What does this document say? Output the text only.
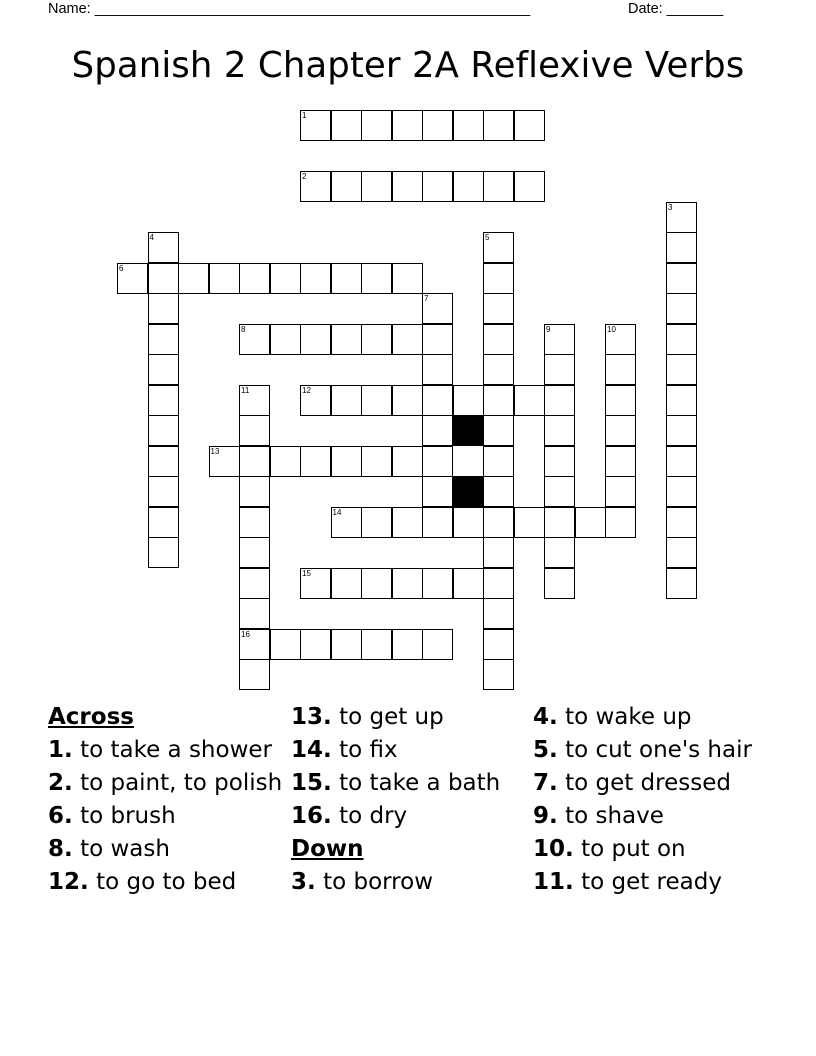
Name: ______________________________________________________	Date: _______
Spanish 2 Chapter 2A Reflexive Verbs
1
2
3
4	5
6
7
8	9	10
11
16
12
13
14
15
Across
1. to take a shower
2. to paint, to polish
6. to brush
8. to wash
12. to go to bed
13. to get up
14. to fix
15. to take a bath
16. to dry
Down
3. to borrow
4. to wake up
5. to cut one's hair
7. to get dressed
9. to shave
10. to put on
11. to get ready
